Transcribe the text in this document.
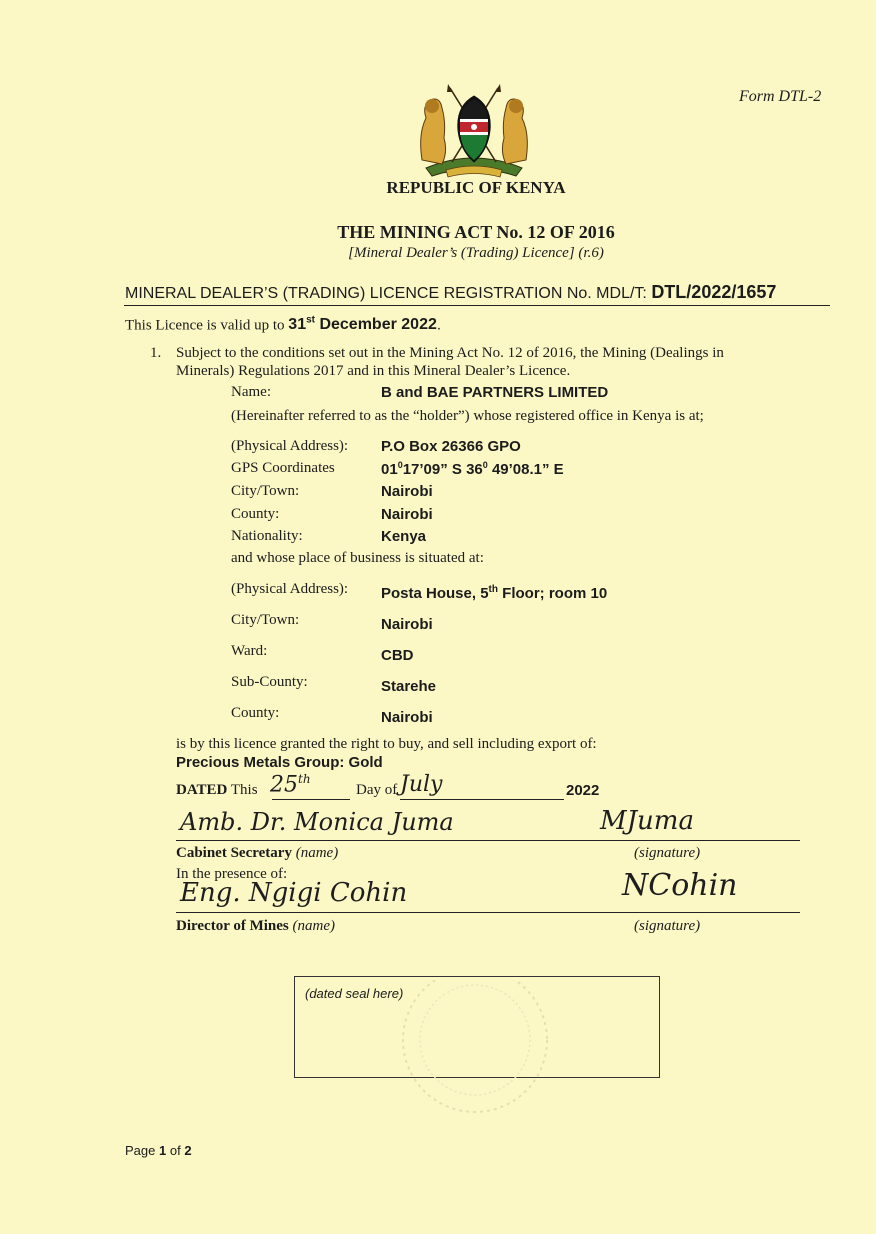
Form DTL-2
REPUBLIC OF KENYA
THE MINING ACT No. 12 OF 2016
[Mineral Dealer’s (Trading) Licence] (r.6)
MINERAL DEALER’S (TRADING) LICENCE REGISTRATION No. MDL/T: DTL/2022/1657
This Licence is valid up to 31st December 2022.
1. Subject to the conditions set out in the Mining Act No. 12 of 2016, the Mining (Dealings in
Minerals) Regulations 2017 and in this Mineral Dealer’s Licence.
Name:	B and BAE PARTNERS LIMITED
(Hereinafter referred to as the “holder”) whose registered office in Kenya is at;
(Physical Address): P.O Box 26366 GPO
GPS Coordinates	$01^017’09$” S $36^0$ 49’08.1” E
City/Town:	Nairobi
County:	Nairobi
Nationality:	Kenya
and whose place of business is situated at:
(Physical Address): Posta House, 5th Floor; room 10
City/Town:	Nairobi
Ward:	CBD
Sub-County:	Starehe
County:	Nairobi
is by this licence granted the right to buy, and sell including export of:
Precious Metals Group: Gold
DATED This 25th
Day of July	2022
Amb. Dr. Monica Juma	MJuma
Cabinet Secretary (name)	(signature)
In the presence of:
Eng. Ngigi Cohin	NCohin
Director of Mines (name)	(signature)
(dated seal here)
Page 1 of 2
